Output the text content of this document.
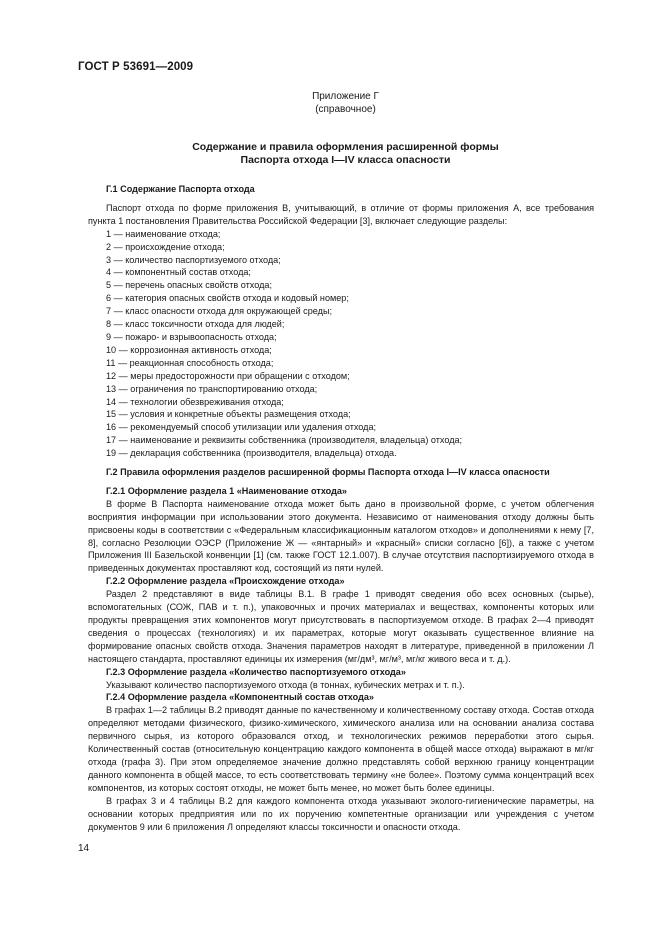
ГОСТ Р 53691—2009
Приложение Г
(справочное)
Содержание и правила оформления расширенной формы
Паспорта отхода I—IV класса опасности

Г.1 Содержание Паспорта отхода

Паспорт отхода по форме приложения В, учитывающий, в отличие от формы приложения А, все требования пункта 1 постановления Правительства Российской Федерации [3], включает следующие разделы:

1 — наименование отхода;
2 — происхождение отхода;
3 — количество паспортизуемого отхода;
4 — компонентный состав отхода;
5 — перечень опасных свойств отхода;
6 — категория опасных свойств отхода и кодовый номер;
7 — класс опасности отхода для окружающей среды;
8 — класс токсичности отхода для людей;
9 — пожаро- и взрывоопасность отхода;
10 — коррозионная активность отхода;
11 — реакционная способность отхода;
12 — меры предосторожности при обращении с отходом;
13 — ограничения по транспортированию отхода;
14 — технологии обезвреживания отхода;
15 — условия и конкретные объекты размещения отхода;
16 — рекомендуемый способ утилизации или удаления отхода;
17 — наименование и реквизиты собственника (производителя, владельца) отхода;
19 — декларация собственника (производителя, владельца) отхода.

Г.2 Правила оформления разделов расширенной формы Паспорта отхода I—IV класса опасности

Г.2.1 Оформление раздела 1 «Наименование отхода»

В форме В Паспорта наименование отхода может быть дано в произвольной форме, с учетом облегчения восприятия информации при использовании этого документа. Независимо от наименования отходу должны быть присвоены коды в соответствии с «Федеральным классификационным каталогом отходов» и дополнениями к нему [7, 8], согласно Резолюции ОЭСР (Приложение Ж — «янтарный» и «красный» списки согласно [6]), а также с учетом Приложения III Базельской конвенции [1] (см. также ГОСТ 12.1.007). В случае отсутствия паспортизируемого отхода в приведенных документах проставляют код, состоящий из пяти нулей.

Г.2.2 Оформление раздела «Происхождение отхода»

Раздел 2 представляют в виде таблицы В.1. В графе 1 приводят сведения обо всех основных (сырье), вспомогательных (СОЖ, ПАВ и т. п.), упаковочных и прочих материалах и веществах, компоненты которых или продукты превращения этих компонентов могут присутствовать в паспортизуемом отходе. В графах 2—4 приводят сведения о процессах (технологиях) и их параметрах, которые могут оказывать существенное влияние на формирование опасных свойств отхода. Значения параметров находят в литературе, приведенной в приложении Л настоящего стандарта, проставляют единицы их измерения (мг/дм³, мг/м³, мг/кг живого веса и т. д.).

Г.2.3 Оформление раздела «Количество паспортизуемого отхода»

Указывают количество паспортизуемого отхода (в тоннах, кубических метрах и т. п.).

Г.2.4 Оформление раздела «Компонентный состав отхода»

В графах 1—2 таблицы В.2 приводят данные по качественному и количественному составу отхода. Состав отхода определяют методами физического, физико-химического, химического анализа или на основании анализа состава первичного сырья, из которого образовался отход, и технологических режимов переработки этого сырья. Количественный состав (относительную концентрацию каждого компонента в общей массе отхода) выражают в мг/кг отхода (графа 3). При этом определяемое значение должно представлять собой верхнюю границу концентрации данного компонента в общей массе, то есть соответствовать термину «не более». Поэтому сумма концентраций всех компонентов, из которых состоят отходы, не может быть менее, но может быть более единицы.

В графах 3 и 4 таблицы В.2 для каждого компонента отхода указывают эколого-гигиенические параметры, на основании которых предприятия или по их поручению компетентные организации или учреждения с учетом документов 9 или 6 приложения Л определяют классы токсичности и опасности отхода.

14
